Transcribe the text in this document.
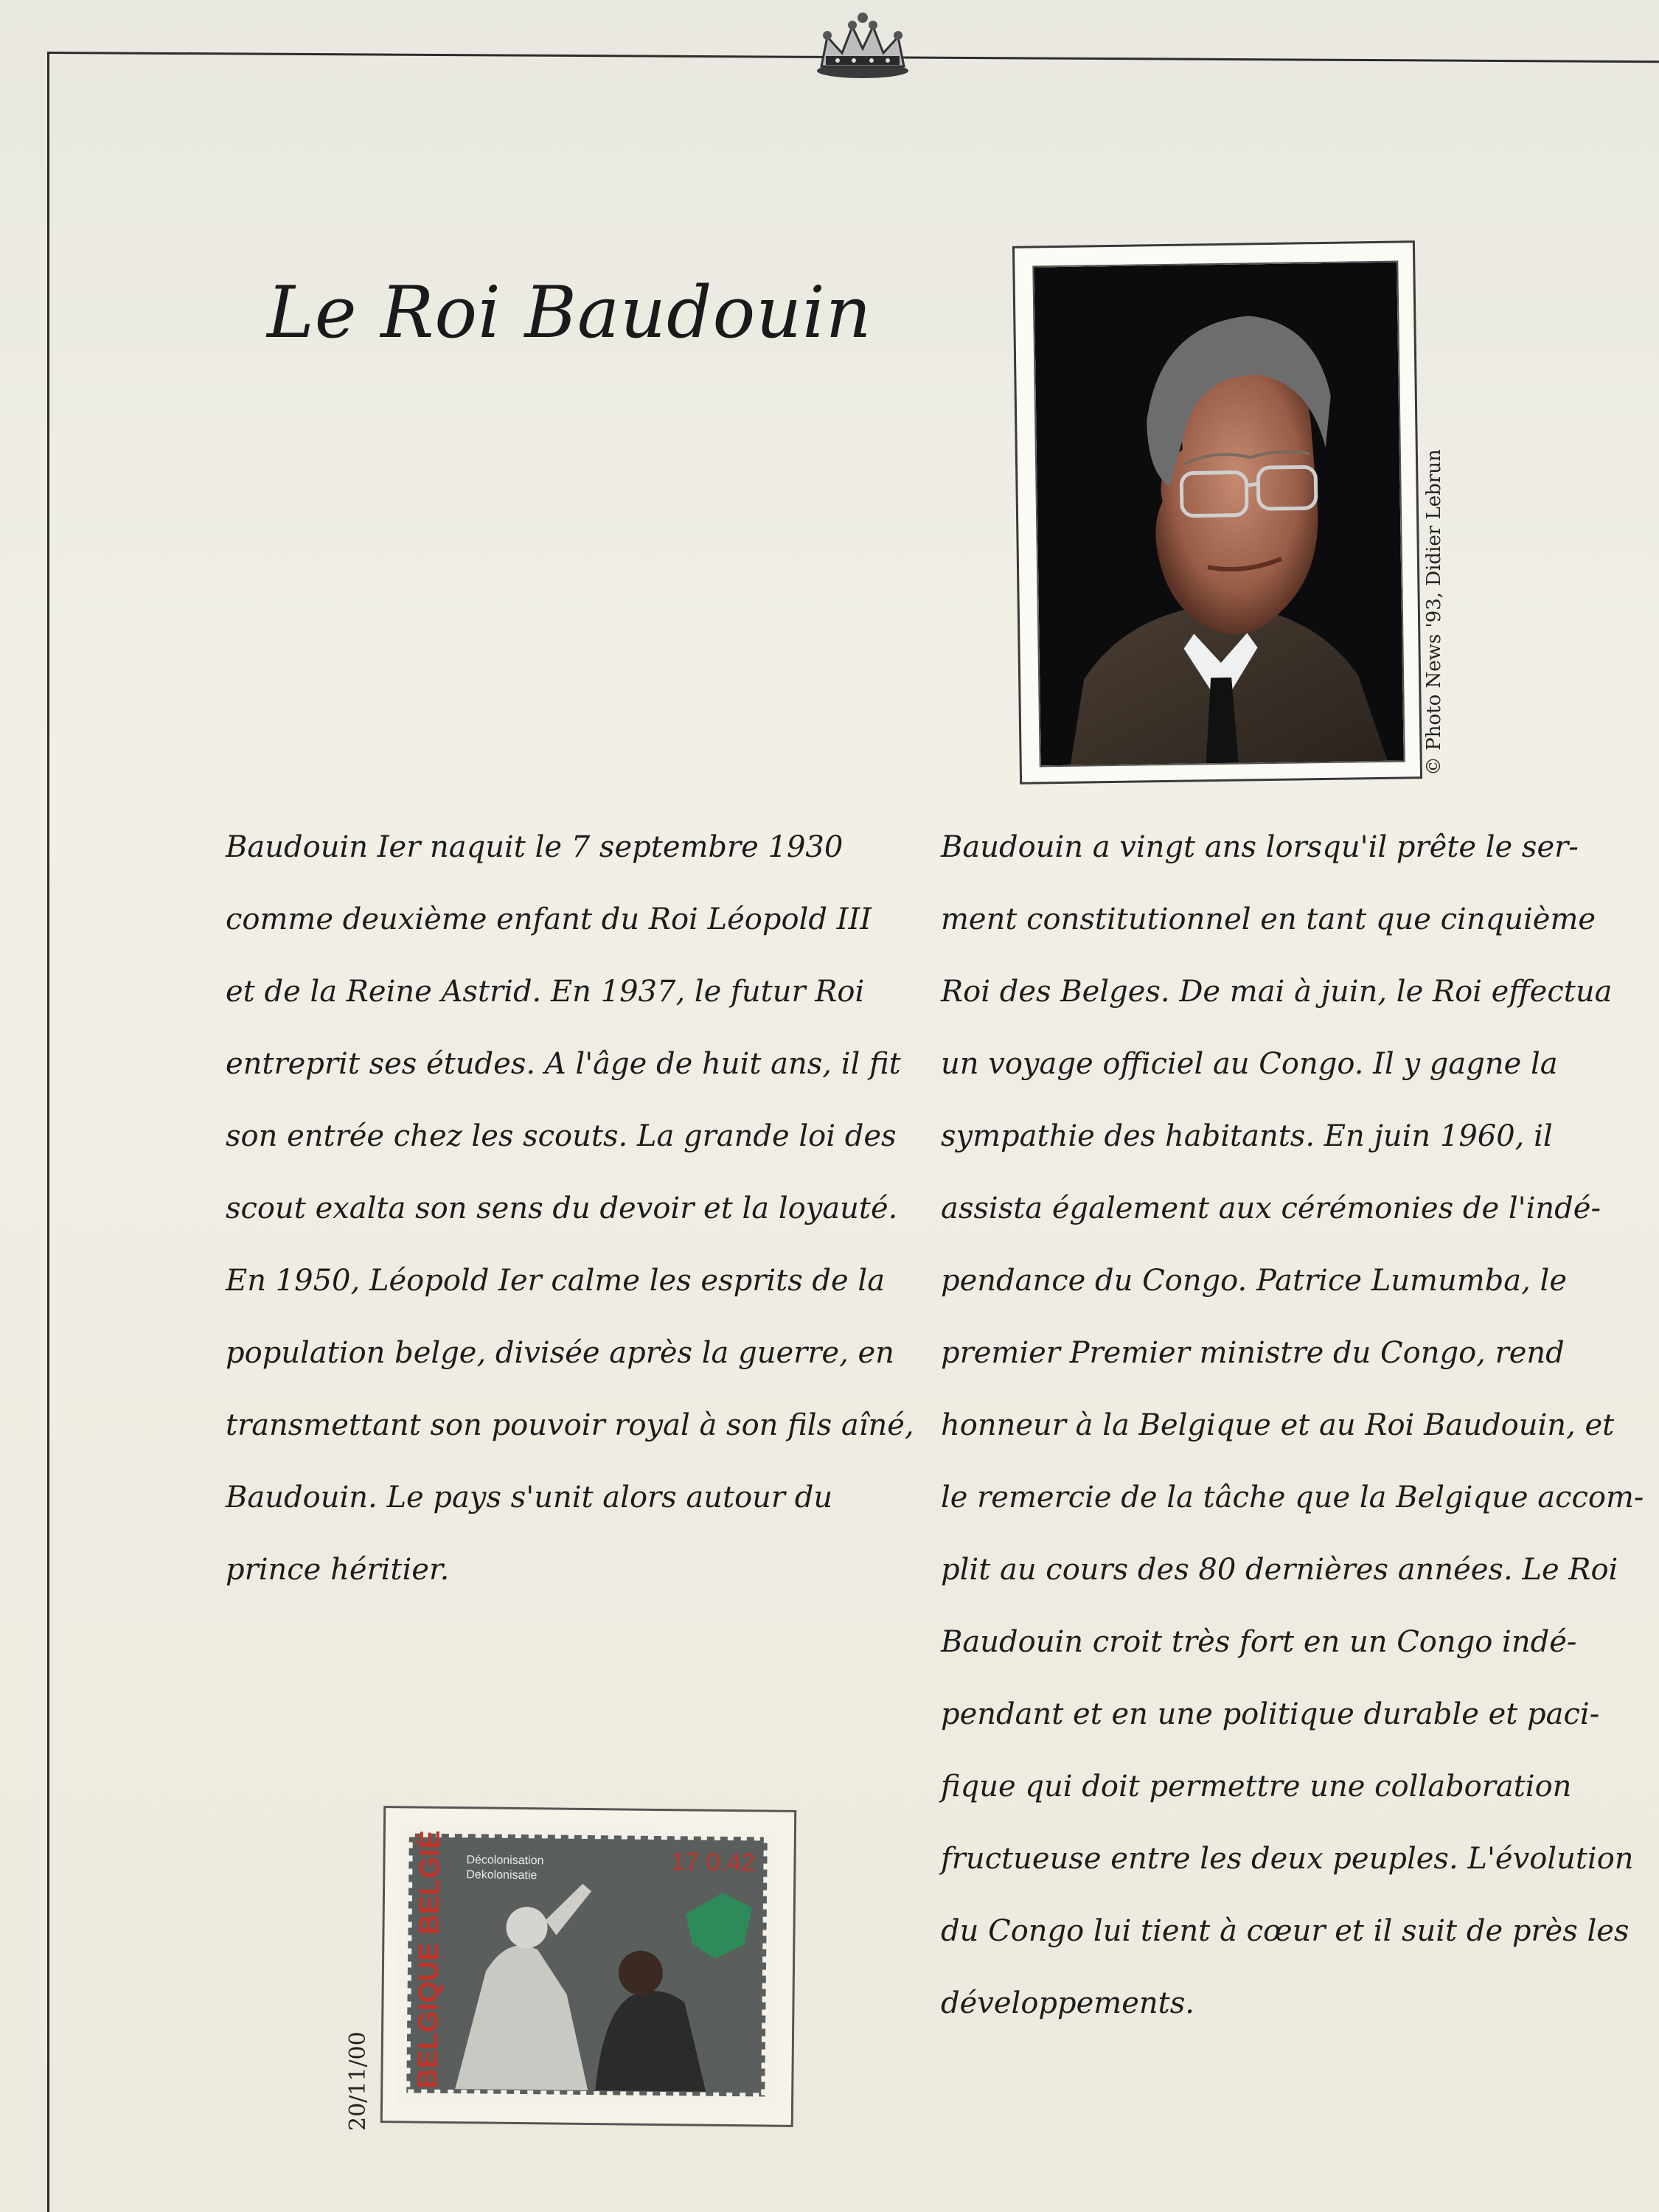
Le Roi Baudouin
© Photo News '93, Didier Lebrun
Baudouin Ier naquit le 7 septembre 1930
comme deuxième enfant du Roi Léopold III
et de la Reine Astrid. En 1937, le futur Roi
entreprit ses études. A l'âge de huit ans, il fit
son entrée chez les scouts. La grande loi des
scout exalta son sens du devoir et la loyauté.
En 1950, Léopold Ier calme les esprits de la
population belge, divisée après la guerre, en
transmettant son pouvoir royal à son fils aîné,
Baudouin. Le pays s'unit alors autour du
prince héritier.
Baudouin a vingt ans lorsqu'il prête le ser-
ment constitutionnel en tant que cinquième
Roi des Belges. De mai à juin, le Roi effectua
un voyage officiel au Congo. Il y gagne la
sympathie des habitants. En juin 1960, il
assista également aux cérémonies de l'indé-
pendance du Congo. Patrice Lumumba, le
premier Premier ministre du Congo, rend
honneur à la Belgique et au Roi Baudouin, et
le remercie de la tâche que la Belgique accom-
plit au cours des 80 dernières années. Le Roi
Baudouin croit très fort en un Congo indé-
pendant et en une politique durable et paci-
fique qui doit permettre une collaboration
fructueuse entre les deux peuples. L'évolution
du Congo lui tient à cœur et il suit de près les
développements.
BELGIQUE BELGIË	17 0.42
Décolonisation
Dekolonisatie
20/11/00
